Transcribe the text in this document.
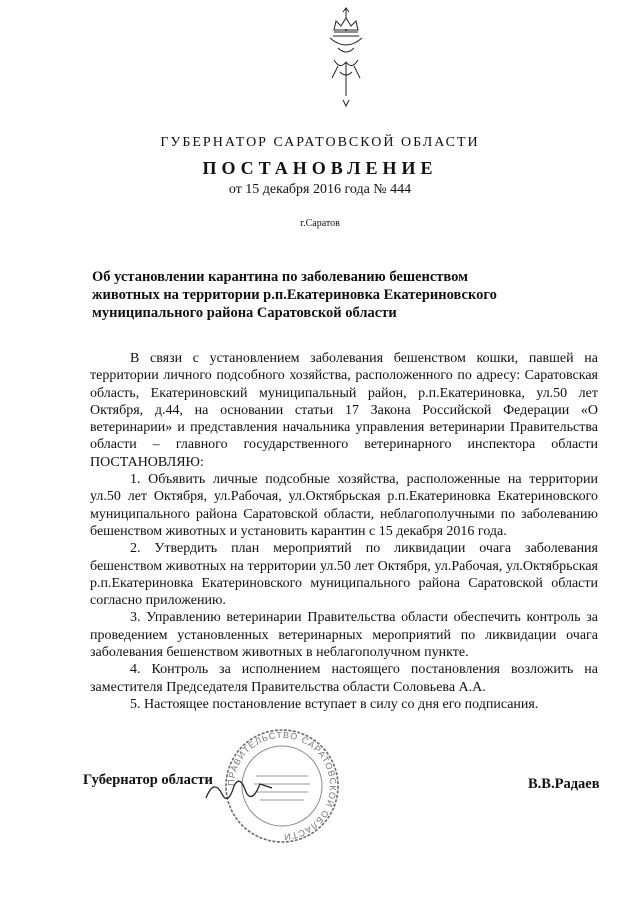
ГУБЕРНАТОР САРАТОВСКОЙ ОБЛАСТИ
ПОСТАНОВЛЕНИЕ
от 15 декабря 2016 года № 444
г.Саратов
Об установлении карантина по заболеванию бешенством
животных на территории р.п.Екатериновка Екатериновского
муниципального района Саратовской области

В связи с установлением заболевания бешенством кошки, павшей на территории личного подсобного хозяйства, расположенного по адресу: Саратовская область, Екатериновский муниципальный район, р.п.Екатериновка, ул.50 лет Октября, д.44, на основании статьи 17 Закона Российской Федерации «О ветеринарии» и представления начальника управления ветеринарии Правительства области – главного государственного ветеринарного инспектора области ПОСТАНОВЛЯЮ:

1. Объявить личные подсобные хозяйства, расположенные на территории ул.50 лет Октября, ул.Рабочая, ул.Октябрьская р.п.Екатериновка Екатериновского муниципального района Саратовской области, неблагополучными по заболеванию бешенством животных и установить карантин с 15 декабря 2016 года.

2. Утвердить план мероприятий по ликвидации очага заболевания бешенством животных на территории ул.50 лет Октября, ул.Рабочая, ул.Октябрьская р.п.Екатериновка Екатериновского муниципального района Саратовской области согласно приложению.

3. Управлению ветеринарии Правительства области обеспечить контроль за проведением установленных ветеринарных мероприятий по ликвидации очага заболевания бешенством животных в неблагополучном пункте.

4. Контроль за исполнением настоящего постановления возложить на заместителя Председателя Правительства области Соловьева А.А.

5. Настоящее постановление вступает в силу со дня его подписания.

Губернатор области	В.В.Радаев
ПРАВИТЕЛЬСТВО САРАТОВСКОЙ ОБЛАСТИ
